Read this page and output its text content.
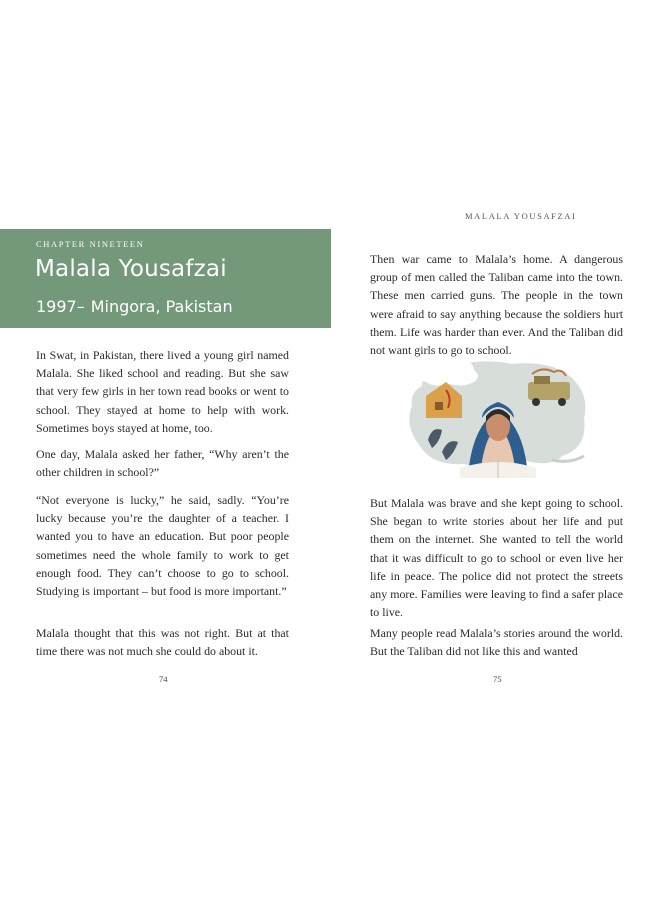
CHAPTER NINETEEN
Malala Yousafzai
1997– Mingora, Pakistan

In Swat, in Pakistan, there lived a young girl named Malala. She liked school and reading. But she saw that very few girls in her town read books or went to school. They stayed at home to help with work. Sometimes boys stayed at home, too.

One day, Malala asked her father, “Why aren’t the other children in school?”

“Not everyone is lucky,” he said, sadly. “You’re lucky because you’re the daughter of a teacher. I wanted you to have an education. But poor people sometimes need the whole family to work to get enough food. They can’t choose to go to school. Studying is important – but food is more important.”

Malala thought that this was not right. But at that time there was not much she could do about it.

74
MALALA YOUSAFZAI

Then war came to Malala’s home. A dangerous group of men called the Taliban came into the town. These men carried guns. The people in the town were afraid to say anything because the soldiers hurt them. Life was harder than ever. And the Taliban did not want girls to go to school.

But Malala was brave and she kept going to school. She began to write stories about her life and put them on the internet. She wanted to tell the world that it was difficult to go to school or even live her life in peace. The police did not protect the streets any more. Families were leaving to find a safer place to live.

Many people read Malala’s stories around the world. But the Taliban did not like this and wanted

75
